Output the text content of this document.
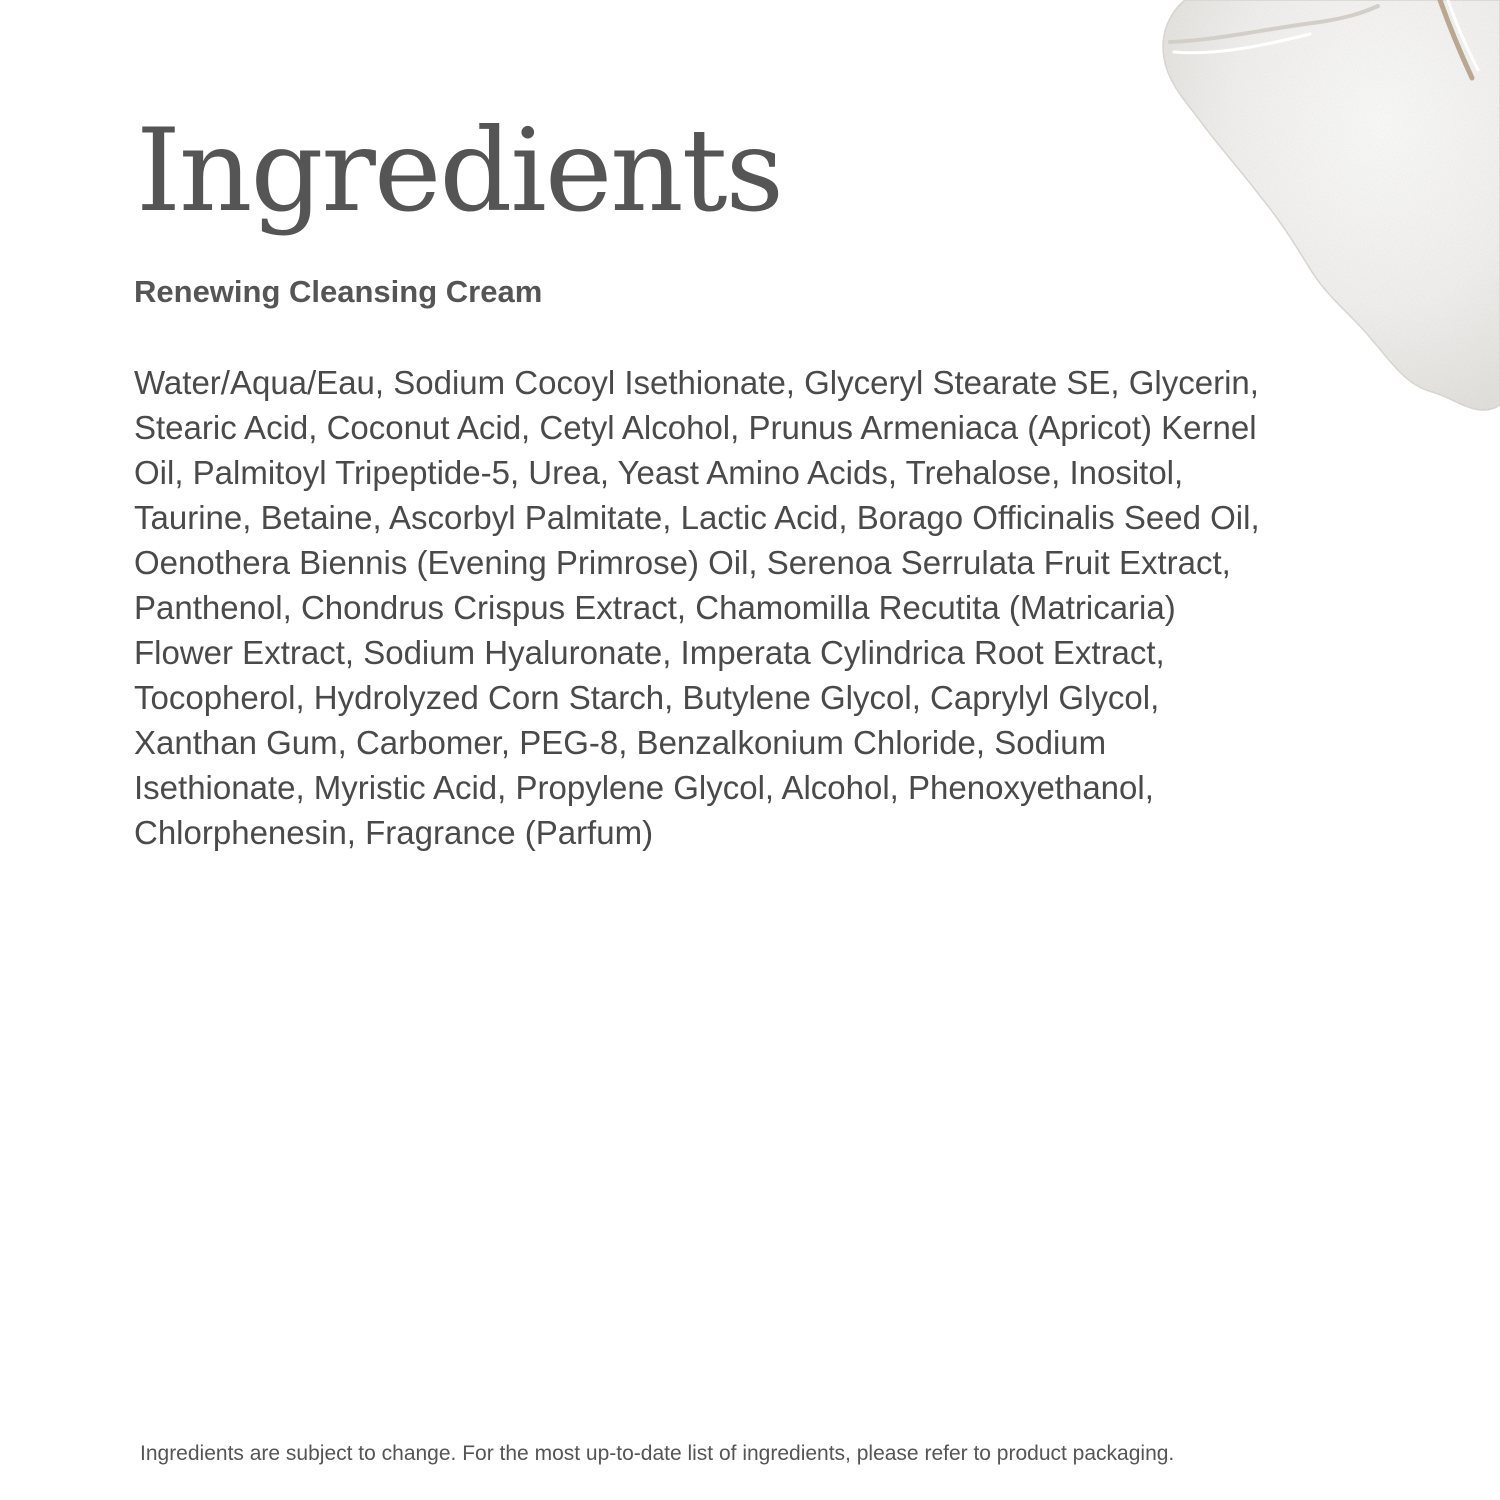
Ingredients
Renewing Cleansing Cream

Water/Aqua/Eau, Sodium Cocoyl Isethionate, Glyceryl Stearate SE, Glycerin, Stearic Acid, Coconut Acid, Cetyl Alcohol, Prunus Armeniaca (Apricot) Kernel Oil, Palmitoyl Tripeptide-5, Urea, Yeast Amino Acids, Trehalose, Inositol, Taurine, Betaine, Ascorbyl Palmitate, Lactic Acid, Borago Officinalis Seed Oil, Oenothera Biennis (Evening Primrose) Oil, Serenoa Serrulata Fruit Extract, Panthenol, Chondrus Crispus Extract, Chamomilla Recutita (Matricaria) Flower Extract, Sodium Hyaluronate, Imperata Cylindrica Root Extract, Tocopherol, Hydrolyzed Corn Starch, Butylene Glycol, Caprylyl Glycol, Xanthan Gum, Carbomer, PEG-8, Benzalkonium Chloride, Sodium Isethionate, Myristic Acid, Propylene Glycol, Alcohol, Phenoxyethanol, Chlorphenesin, Fragrance (Parfum)

Ingredients are subject to change. For the most up-to-date list of ingredients, please refer to product packaging.
